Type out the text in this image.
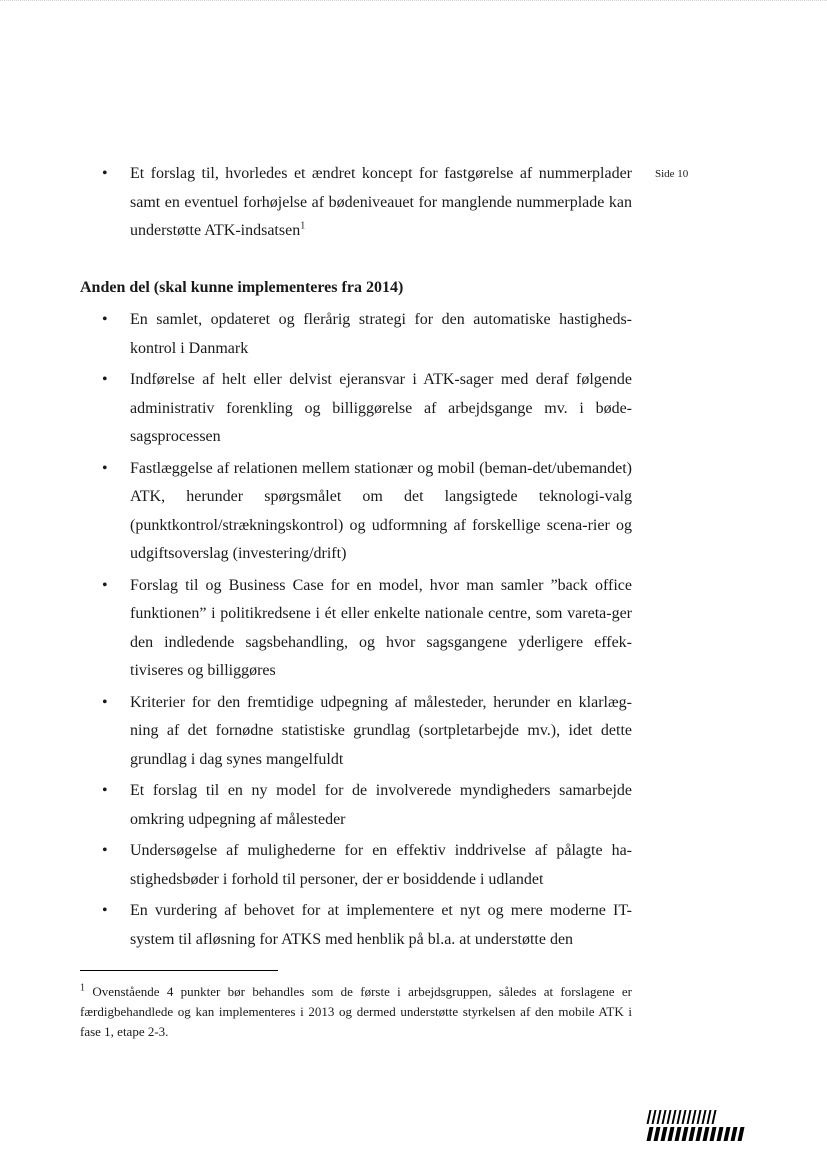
Side 10
• Et forslag til, hvorledes et ændret koncept for fastgørelse af nummerplader samt en eventuel forhøjelse af bødeniveauet for manglende nummerplade kan understøtte ATK-indsatsen$^1$
Anden del (skal kunne implementeres fra 2014)
• En samlet, opdateret og flerårig strategi for den automatiske hastigheds-kontrol i Danmark
• Indførelse af helt eller delvist ejeransvar i ATK-sager med deraf følgende administrativ forenkling og billiggørelse af arbejdsgange mv. i bøde-sagsprocessen
• Fastlæggelse af relationen mellem stationær og mobil (beman-det/ubemandet) ATK, herunder spørgsmålet om det langsigtede teknologi-valg (punktkontrol/strækningskontrol) og udformning af forskellige scena-rier og udgiftsoverslag (investering/drift)
• Forslag til og Business Case for en model, hvor man samler ”back office funktionen” i politikredsene i ét eller enkelte nationale centre, som vareta-ger den indledende sagsbehandling, og hvor sagsgangene yderligere effek-tiviseres og billiggøres
• Kriterier for den fremtidige udpegning af målesteder, herunder en klarlæg-ning af det fornødne statistiske grundlag (sortpletarbejde mv.), idet dette grundlag i dag synes mangelfuldt
• Et forslag til en ny model for de involverede myndigheders samarbejde omkring udpegning af målesteder
• Undersøgelse af mulighederne for en effektiv inddrivelse af pålagte ha-stighedsbøder i forhold til personer, der er bosiddende i udlandet
• En vurdering af behovet for at implementere et nyt og mere moderne IT-system til afløsning for ATKS med henblik på bl.a. at understøtte den
$^1$ Ovenstående 4 punkter bør behandles som de første i arbejdsgruppen, således at forslagene er færdigbehandlede og kan implementeres i 2013 og dermed understøtte styrkelsen af den mobile ATK i fase 1, etape 2-3.
